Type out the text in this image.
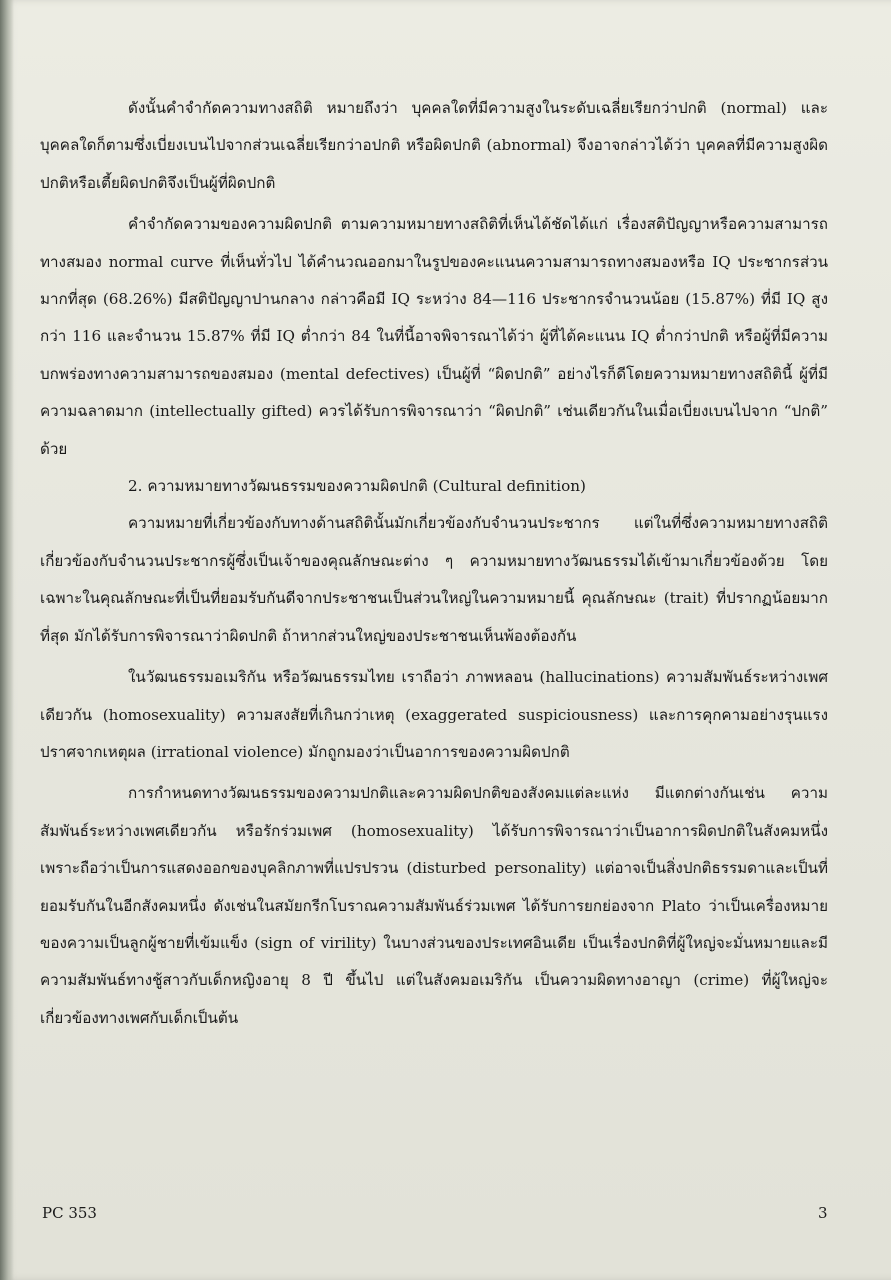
ดังนั้นคำจำกัดความทางสถิติ หมายถึงว่า บุคคลใดที่มีความสูงในระดับเฉลี่ยเรียกว่าปกติ (normal) และบุคคลใดก็ตามซึ่งเบี่ยงเบนไปจากส่วนเฉลี่ยเรียกว่าอปกติ หรือผิดปกติ (abnormal) จึงอาจกล่าวได้ว่า บุคคลที่มีความสูงผิดปกติหรือเตี้ยผิดปกติจึงเป็นผู้ที่ผิดปกติ

คำจำกัดความของความผิดปกติ ตามความหมายทางสถิติที่เห็นได้ชัดได้แก่ เรื่องสติปัญญาหรือความสามารถทางสมอง normal curve ที่เห็นทั่วไป ได้คำนวณออกมาในรูปของคะแนนความสามารถทางสมองหรือ IQ ประชากรส่วนมากที่สุด (68.26%) มีสติปัญญาปานกลาง กล่าวคือมี IQ ระหว่าง 84—116 ประชากรจำนวนน้อย (15.87%) ที่มี IQ สูงกว่า 116 และจำนวน 15.87% ที่มี IQ ต่ำกว่า 84 ในที่นี้อาจพิจารณาได้ว่า ผู้ที่ได้คะแนน IQ ต่ำกว่าปกติ หรือผู้ที่มีความบกพร่องทางความสามารถของสมอง (mental defectives) เป็นผู้ที่ “ผิดปกติ” อย่างไรก็ดีโดยความหมายทางสถิตินี้ ผู้ที่มีความฉลาดมาก (intellectually gifted) ควรได้รับการพิจารณาว่า “ผิดปกติ” เช่นเดียวกันในเมื่อเบี่ยงเบนไปจาก “ปกติ” ด้วย

2. ความหมายทางวัฒนธรรมของความผิดปกติ (Cultural definition)

ความหมายที่เกี่ยวข้องกับทางด้านสถิตินั้นมักเกี่ยวข้องกับจำนวนประชากร แต่ในที่ซึ่งความหมายทางสถิติเกี่ยวข้องกับจำนวนประชากรผู้ซึ่งเป็นเจ้าของคุณลักษณะต่าง ๆ ความหมายทางวัฒนธรรมได้เข้ามาเกี่ยวข้องด้วย โดยเฉพาะในคุณลักษณะที่เป็นที่ยอมรับกันดีจากประชาชนเป็นส่วนใหญ่ในความหมายนี้ คุณลักษณะ (trait) ที่ปรากฏน้อยมากที่สุด มักได้รับการพิจารณาว่าผิดปกติ ถ้าหากส่วนใหญ่ของประชาชนเห็นพ้องต้องกัน

ในวัฒนธรรมอเมริกัน หรือวัฒนธรรมไทย เราถือว่า ภาพหลอน (hallucinations) ความสัมพันธ์ระหว่างเพศเดียวกัน (homosexuality) ความสงสัยที่เกินกว่าเหตุ (exaggerated suspiciousness) และการคุกคามอย่างรุนแรงปราศจากเหตุผล (irrational violence) มักถูกมองว่าเป็นอาการของความผิดปกติ

การกำหนดทางวัฒนธรรมของความปกติและความผิดปกติของสังคมแต่ละแห่ง มีแตกต่างกันเช่น ความสัมพันธ์ระหว่างเพศเดียวกัน หรือรักร่วมเพศ (homosexuality) ได้รับการพิจารณาว่าเป็นอาการผิดปกติในสังคมหนึ่ง เพราะถือว่าเป็นการแสดงออกของบุคลิกภาพที่แปรปรวน (disturbed personality) แต่อาจเป็นสิ่งปกติธรรมดาและเป็นที่ยอมรับกันในอีกสังคมหนึ่ง ดังเช่นในสมัยกรีกโบราณความสัมพันธ์ร่วมเพศ ได้รับการยกย่องจาก Plato ว่าเป็นเครื่องหมายของความเป็นลูกผู้ชายที่เข้มแข็ง (sign of virility) ในบางส่วนของประเทศอินเดีย เป็นเรื่องปกติที่ผู้ใหญ่จะมั่นหมายและมีความสัมพันธ์ทางชู้สาวกับเด็กหญิงอายุ 8 ปี ขึ้นไป แต่ในสังคมอเมริกัน เป็นความผิดทางอาญา (crime) ที่ผู้ใหญ่จะเกี่ยวข้องทางเพศกับเด็กเป็นต้น

PC 353	3
